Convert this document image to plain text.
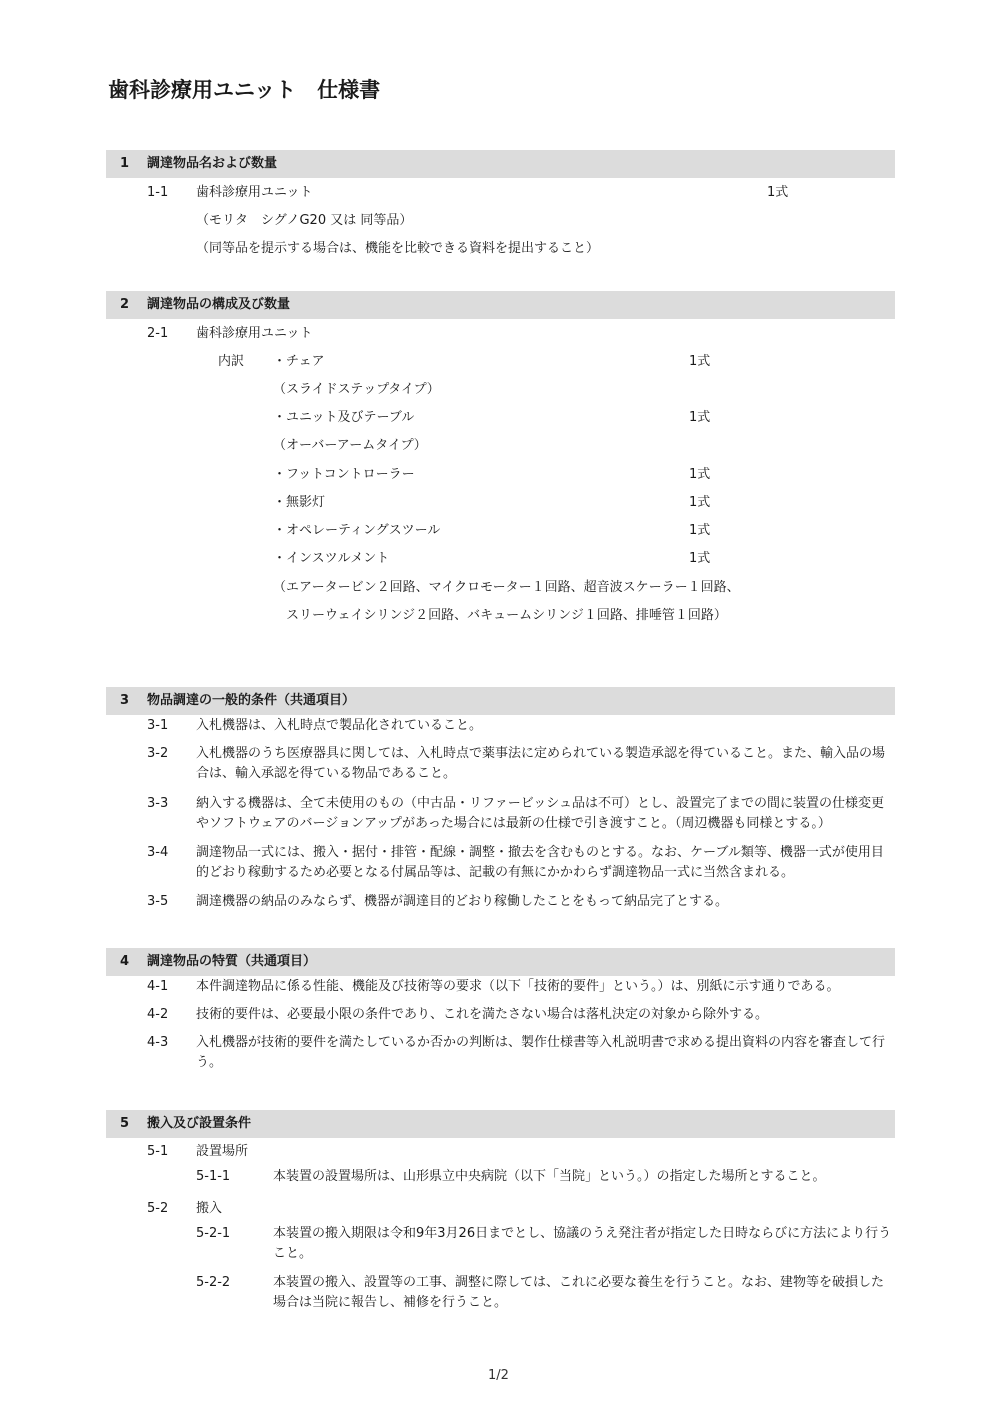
歯科診療用ユニット　仕様書
1 調達物品名および数量
1-1 歯科診療用ユニット	1式
（モリタ　シグノG20 又は 同等品）
（同等品を提示する場合は、機能を比較できる資料を提出すること）
2 調達物品の構成及び数量
2-1 歯科診療用ユニット
内訳 ・チェア	1式
（スライドステップタイプ）
・ユニット及びテーブル	1式
（オーバーアームタイプ）
・フットコントローラー	1式
・無影灯	1式
・オペレーティングスツール	1式
・インスツルメント	1式
（エアータービン２回路、マイクロモーター１回路、超音波スケーラー１回路、
　スリーウェイシリンジ２回路、バキュームシリンジ１回路、排唾管１回路）
3 物品調達の一般的条件（共通項目）
3-1 入札機器は、入札時点で製品化されていること。
3-2 入札機器のうち医療器具に関しては、入札時点で薬事法に定められている製造承認を得ていること。また、輸入品の場合は、輸入承認を得ている物品であること。
3-3 納入する機器は、全て未使用のもの（中古品・リファービッシュ品は不可）とし、設置完了までの間に装置の仕様変更やソフトウェアのバージョンアップがあった場合には最新の仕様で引き渡すこと。（周辺機器も同様とする。）
3-4 調達物品一式には、搬入・据付・排管・配線・調整・撤去を含むものとする。なお、ケーブル類等、機器一式が使用目的どおり稼動するため必要となる付属品等は、記載の有無にかかわらず調達物品一式に当然含まれる。
3-5 調達機器の納品のみならず、機器が調達目的どおり稼働したことをもって納品完了とする。
4 調達物品の特質（共通項目）
4-1 本件調達物品に係る性能、機能及び技術等の要求（以下「技術的要件」という。）は、別紙に示す通りである。
4-2 技術的要件は、必要最小限の条件であり、これを満たさない場合は落札決定の対象から除外する。
4-3 入札機器が技術的要件を満たしているか否かの判断は、製作仕様書等入札説明書で求める提出資料の内容を審査して行う。
5 搬入及び設置条件
5-1 設置場所
5-1-1	本装置の設置場所は、山形県立中央病院（以下「当院」という。）の指定した場所とすること。
5-2 搬入
5-2-1	本装置の搬入期限は令和9年3月26日までとし、協議のうえ発注者が指定した日時ならびに方法により行うこと。
5-2-2	本装置の搬入、設置等の工事、調整に際しては、これに必要な養生を行うこと。なお、建物等を破損した場合は当院に報告し、補修を行うこと。
1/2
